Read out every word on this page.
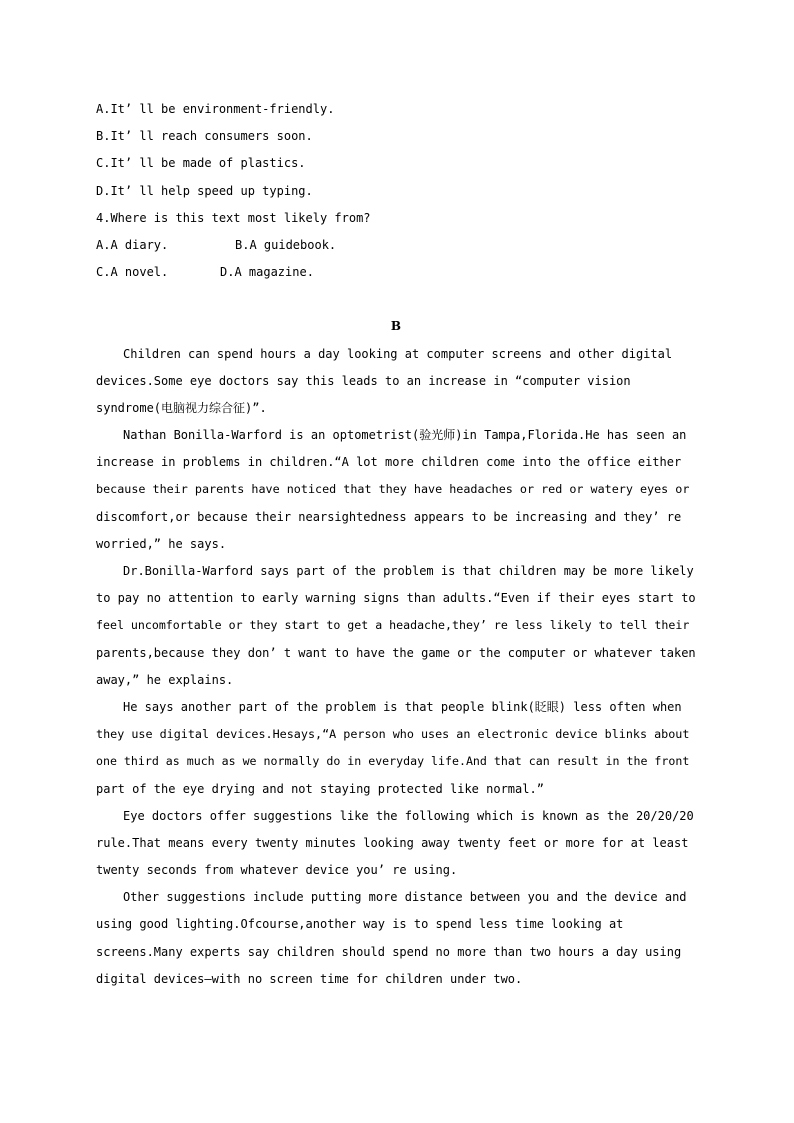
A.It’ ll be environment-friendly.
B.It’ ll reach consumers soon.
C.It’ ll be made of plastics.
D.It’ ll help speed up typing.
4.Where is this text most likely from?
A.A diary.	B.A guidebook.
C.A novel.	D.A magazine.
B
Children can spend hours a day looking at computer screens and other digital
devices.Some eye doctors say this leads to an increase in “computer vision
syndrome(电脑视力综合征)”.
Nathan Bonilla-Warford is an optometrist(验光师)in Tampa,Florida.He has seen an
increase in problems in children.“A lot more children come into the office either
because their parents have noticed that they have headaches or red or watery eyes or
discomfort,or because their nearsightedness appears to be increasing and they’ re
worried,” he says.
Dr.Bonilla-Warford says part of the problem is that children may be more likely
to pay no attention to early warning signs than adults.“Even if their eyes start to
feel uncomfortable or they start to get a headache,they’ re less likely to tell their
parents,because they don’ t want to have the game or the computer or whatever taken
away,” he explains.
He says another part of the problem is that people blink(眨眼) less often when
they use digital devices.Hesays,“A person who uses an electronic device blinks about
one third as much as we normally do in everyday life.And that can result in the front
part of the eye drying and not staying protected like normal.”
Eye doctors offer suggestions like the following which is known as the 20/20/20
rule.That means every twenty minutes looking away twenty feet or more for at least
twenty seconds from whatever device you’ re using.
Other suggestions include putting more distance between you and the device and
using good lighting.Ofcourse,another way is to spend less time looking at
screens.Many experts say children should spend no more than two hours a day using
digital devices—with no screen time for children under two.
